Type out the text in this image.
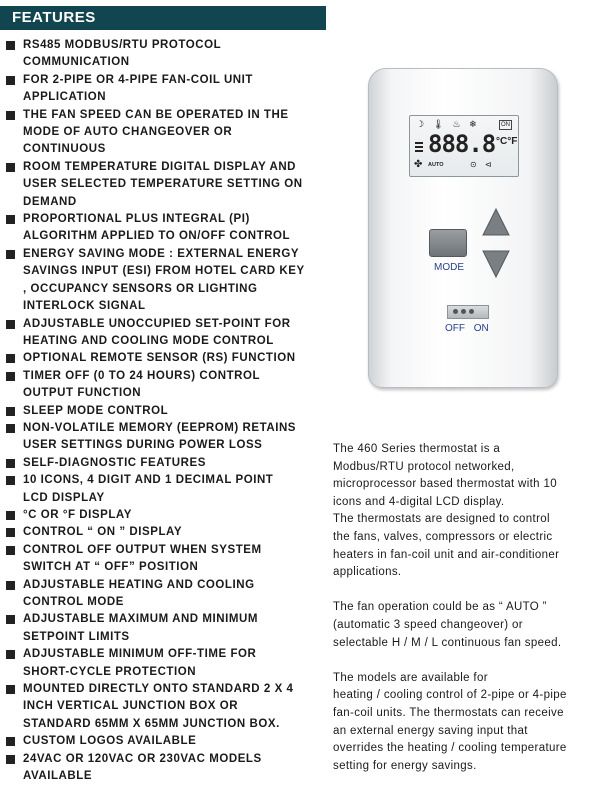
FEATURES
RS485 MODBUS/RTU PROTOCOL
COMMUNICATION
FOR 2-PIPE OR 4-PIPE FAN-COIL UNIT
APPLICATION
THE FAN SPEED CAN BE OPERATED IN THE
MODE OF AUTO CHANGEOVER OR
CONTINUOUS
ROOM TEMPERATURE DIGITAL DISPLAY AND
USER SELECTED TEMPERATURE SETTING ON
DEMAND
PROPORTIONAL PLUS INTEGRAL (PI)
ALGORITHM APPLIED TO ON/OFF CONTROL
ENERGY SAVING MODE : EXTERNAL ENERGY
SAVINGS INPUT (ESI) FROM HOTEL CARD KEY
, OCCUPANCY SENSORS OR LIGHTING
INTERLOCK SIGNAL
ADJUSTABLE UNOCCUPIED SET-POINT FOR
HEATING AND COOLING MODE CONTROL
OPTIONAL REMOTE SENSOR (RS) FUNCTION
TIMER OFF (0 TO 24 HOURS) CONTROL
OUTPUT FUNCTION
SLEEP MODE CONTROL
NON-VOLATILE MEMORY (EEPROM) RETAINS
USER SETTINGS DURING POWER LOSS
SELF-DIAGNOSTIC FEATURES
10 ICONS, 4 DIGIT AND 1 DECIMAL POINT
LCD DISPLAY
°C OR °F DISPLAY
CONTROL “ ON ” DISPLAY
CONTROL OFF OUTPUT WHEN SYSTEM
SWITCH AT “ OFF” POSITION
ADJUSTABLE HEATING AND COOLING
CONTROL MODE
ADJUSTABLE MAXIMUM AND MINIMUM
SETPOINT LIMITS
ADJUSTABLE MINIMUM OFF-TIME FOR
SHORT-CYCLE PROTECTION
MOUNTED DIRECTLY ONTO STANDARD 2 X 4
INCH VERTICAL JUNCTION BOX OR
STANDARD 65MM X 65MM JUNCTION BOX.
CUSTOM LOGOS AVAILABLE
24VAC OR 120VAC OR 230VAC MODELS
AVAILABLE
☽ 🌡 ♨ ❄	ON
888.8 °C°F
✤ AUTO	⊙ ⊲
MODE
OFF ON

The 460 Series thermostat is a
Modbus/RTU protocol networked,
microprocessor based thermostat with 10
icons and 4-digital LCD display.
The thermostats are designed to control
the fans, valves, compressors or electric
heaters in fan-coil unit and air-conditioner
applications.

The fan operation could be as “ AUTO ”
(automatic 3 speed changeover) or
selectable H / M / L continuous fan speed.

The models are available for
heating / cooling control of 2-pipe or 4-pipe
fan-coil units. The thermostats can receive
an external energy saving input that
overrides the heating / cooling temperature
setting for energy savings.
